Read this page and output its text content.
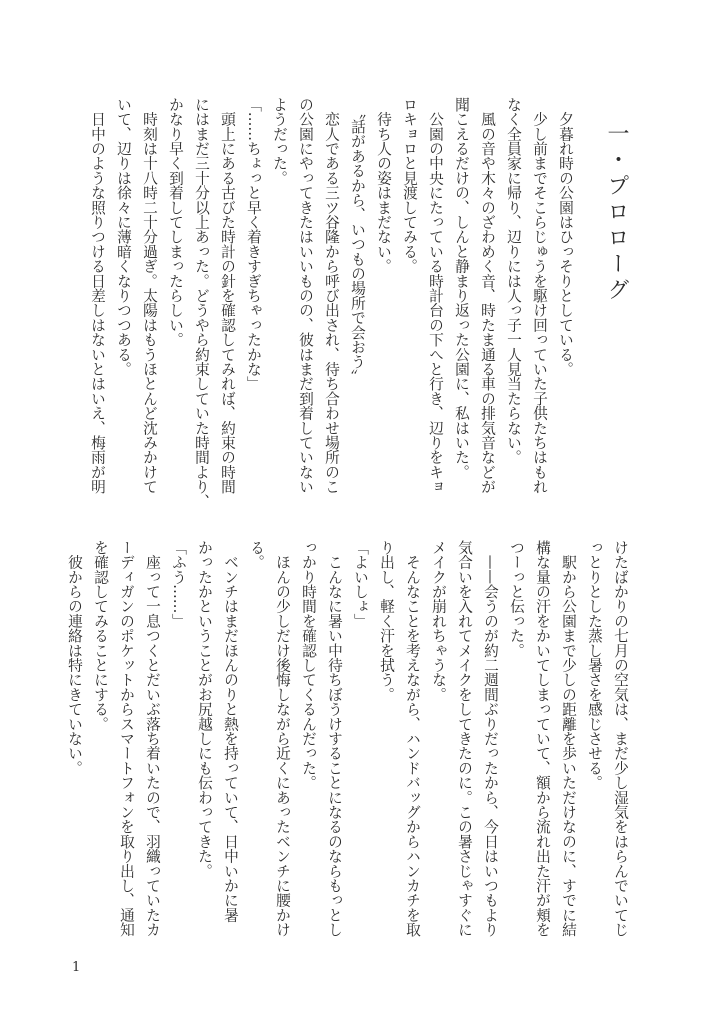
一・プロローグ
　夕暮れ時の公園はひっそりとしている。
　少し前までそこらじゅうを駆け回っていた子供たちはもれ
なく全員家に帰り、辺りには人っ子一人見当たらない。
　風の音や木々のざわめく音、時たま通る車の排気音などが
聞こえるだけの、しんと静まり返った公園に、私はいた。
　公園の中央にたっている時計台の下へと行き、辺りをキョ
ロキョロと見渡してみる。
　待ち人の姿はまだない。
　〝話があるから、いつもの場所で会おう〟
　恋人である三ツ谷隆から呼び出され、待ち合わせ場所のこ
の公園にやってきたはいいものの、彼はまだ到着していない
ようだった。
「……ちょっと早く着きすぎちゃったかな」
　頭上にある古びた時計の針を確認してみれば、約束の時間
にはまだ三十分以上あった。どうやら約束していた時間より、
かなり早く到着してしまったらしい。
　時刻は十八時二十分過ぎ。太陽はもうほとんど沈みかけて
いて、辺りは徐々に薄暗くなりつつある。
　日中のような照りつける日差しはないとはいえ、梅雨が明
けたばかりの七月の空気は、まだ少し湿気をはらんでいてじ
っとりとした蒸し暑さを感じさせる。
　駅から公園まで少しの距離を歩いただけなのに、すでに結
構な量の汗をかいてしまっていて、額から流れ出た汗が頬を
つーっと伝った。
　——会うのが約二週間ぶりだったから、今日はいつもより
気合いを入れてメイクをしてきたのに。この暑さじゃすぐに
メイクが崩れちゃうな。
　そんなことを考えながら、ハンドバッグからハンカチを取
り出し、軽く汗を拭う。
「よいしょ」
　こんなに暑い中待ちぼうけすることになるのならもっとし
っかり時間を確認してくるんだった。
　ほんの少しだけ後悔しながら近くにあったベンチに腰かけ
る。
　ベンチはまだほんのりと熱を持っていて、日中いかに暑
かったかということがお尻越しにも伝わってきた。
「ふう……」
　座って一息つくとだいぶ落ち着いたので、羽織っていたカ
ーディガンのポケットからスマートフォンを取り出し、通知
を確認してみることにする。
　彼からの連絡は特にきていない。
1
